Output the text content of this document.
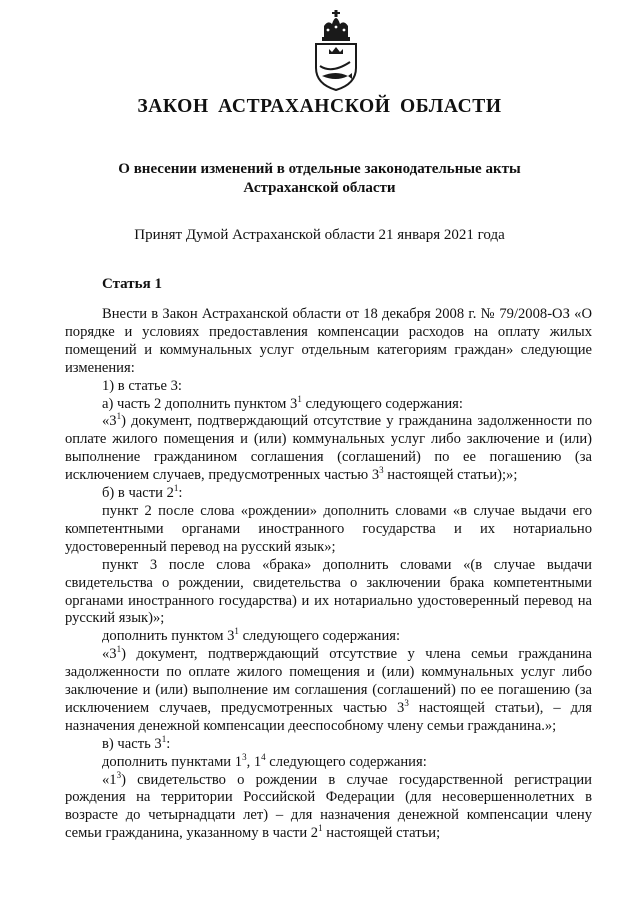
ЗАКОН АСТРАХАНСКОЙ ОБЛАСТИ
О внесении изменений в отдельные законодательные акты
Астраханской области
Принят Думой Астраханской области 21 января 2021 года
Статья 1

Внести в Закон Астраханской области от 18 декабря 2008 г. № 79/2008-ОЗ «О порядке и условиях предоставления компенсации расходов на оплату жилых помещений и коммунальных услуг отдельным категориям граждан» следующие изменения:

1) в статье 3:

а) часть 2 дополнить пунктом $3^1$ следующего содержания:

«$3^1$) документ, подтверждающий отсутствие у гражданина задолженности по оплате жилого помещения и (или) коммунальных услуг либо заключение и (или) выполнение гражданином соглашения (соглашений) по ее погашению (за исключением случаев, предусмотренных частью $3^3$ настоящей статьи);»;

б) в части $2^1$:

пункт 2 после слова «рождении» дополнить словами «в случае выдачи его компетентными органами иностранного государства и их нотариально удостоверенный перевод на русский язык»;

пункт 3 после слова «брака» дополнить словами «(в случае выдачи свидетельства о рождении, свидетельства о заключении брака компетентными органами иностранного государства) и их нотариально удостоверенный перевод на русский язык)»;

дополнить пунктом $3^1$ следующего содержания:

«$3^1$) документ, подтверждающий отсутствие у члена семьи гражданина задолженности по оплате жилого помещения и (или) коммунальных услуг либо заключение и (или) выполнение им соглашения (соглашений) по ее погашению (за исключением случаев, предусмотренных частью $3^3$ настоящей статьи), – для назначения денежной компенсации дееспособному члену семьи гражданина.»;

в) часть $3^1$:

дополнить пунктами $1^3$, $1^4$ следующего содержания:

«$1^3$) свидетельство о рождении в случае государственной регистрации рождения на территории Российской Федерации (для несовершеннолетних в возрасте до четырнадцати лет) – для назначения денежной компенсации члену семьи гражданина, указанному в части $2^1$ настоящей статьи;
